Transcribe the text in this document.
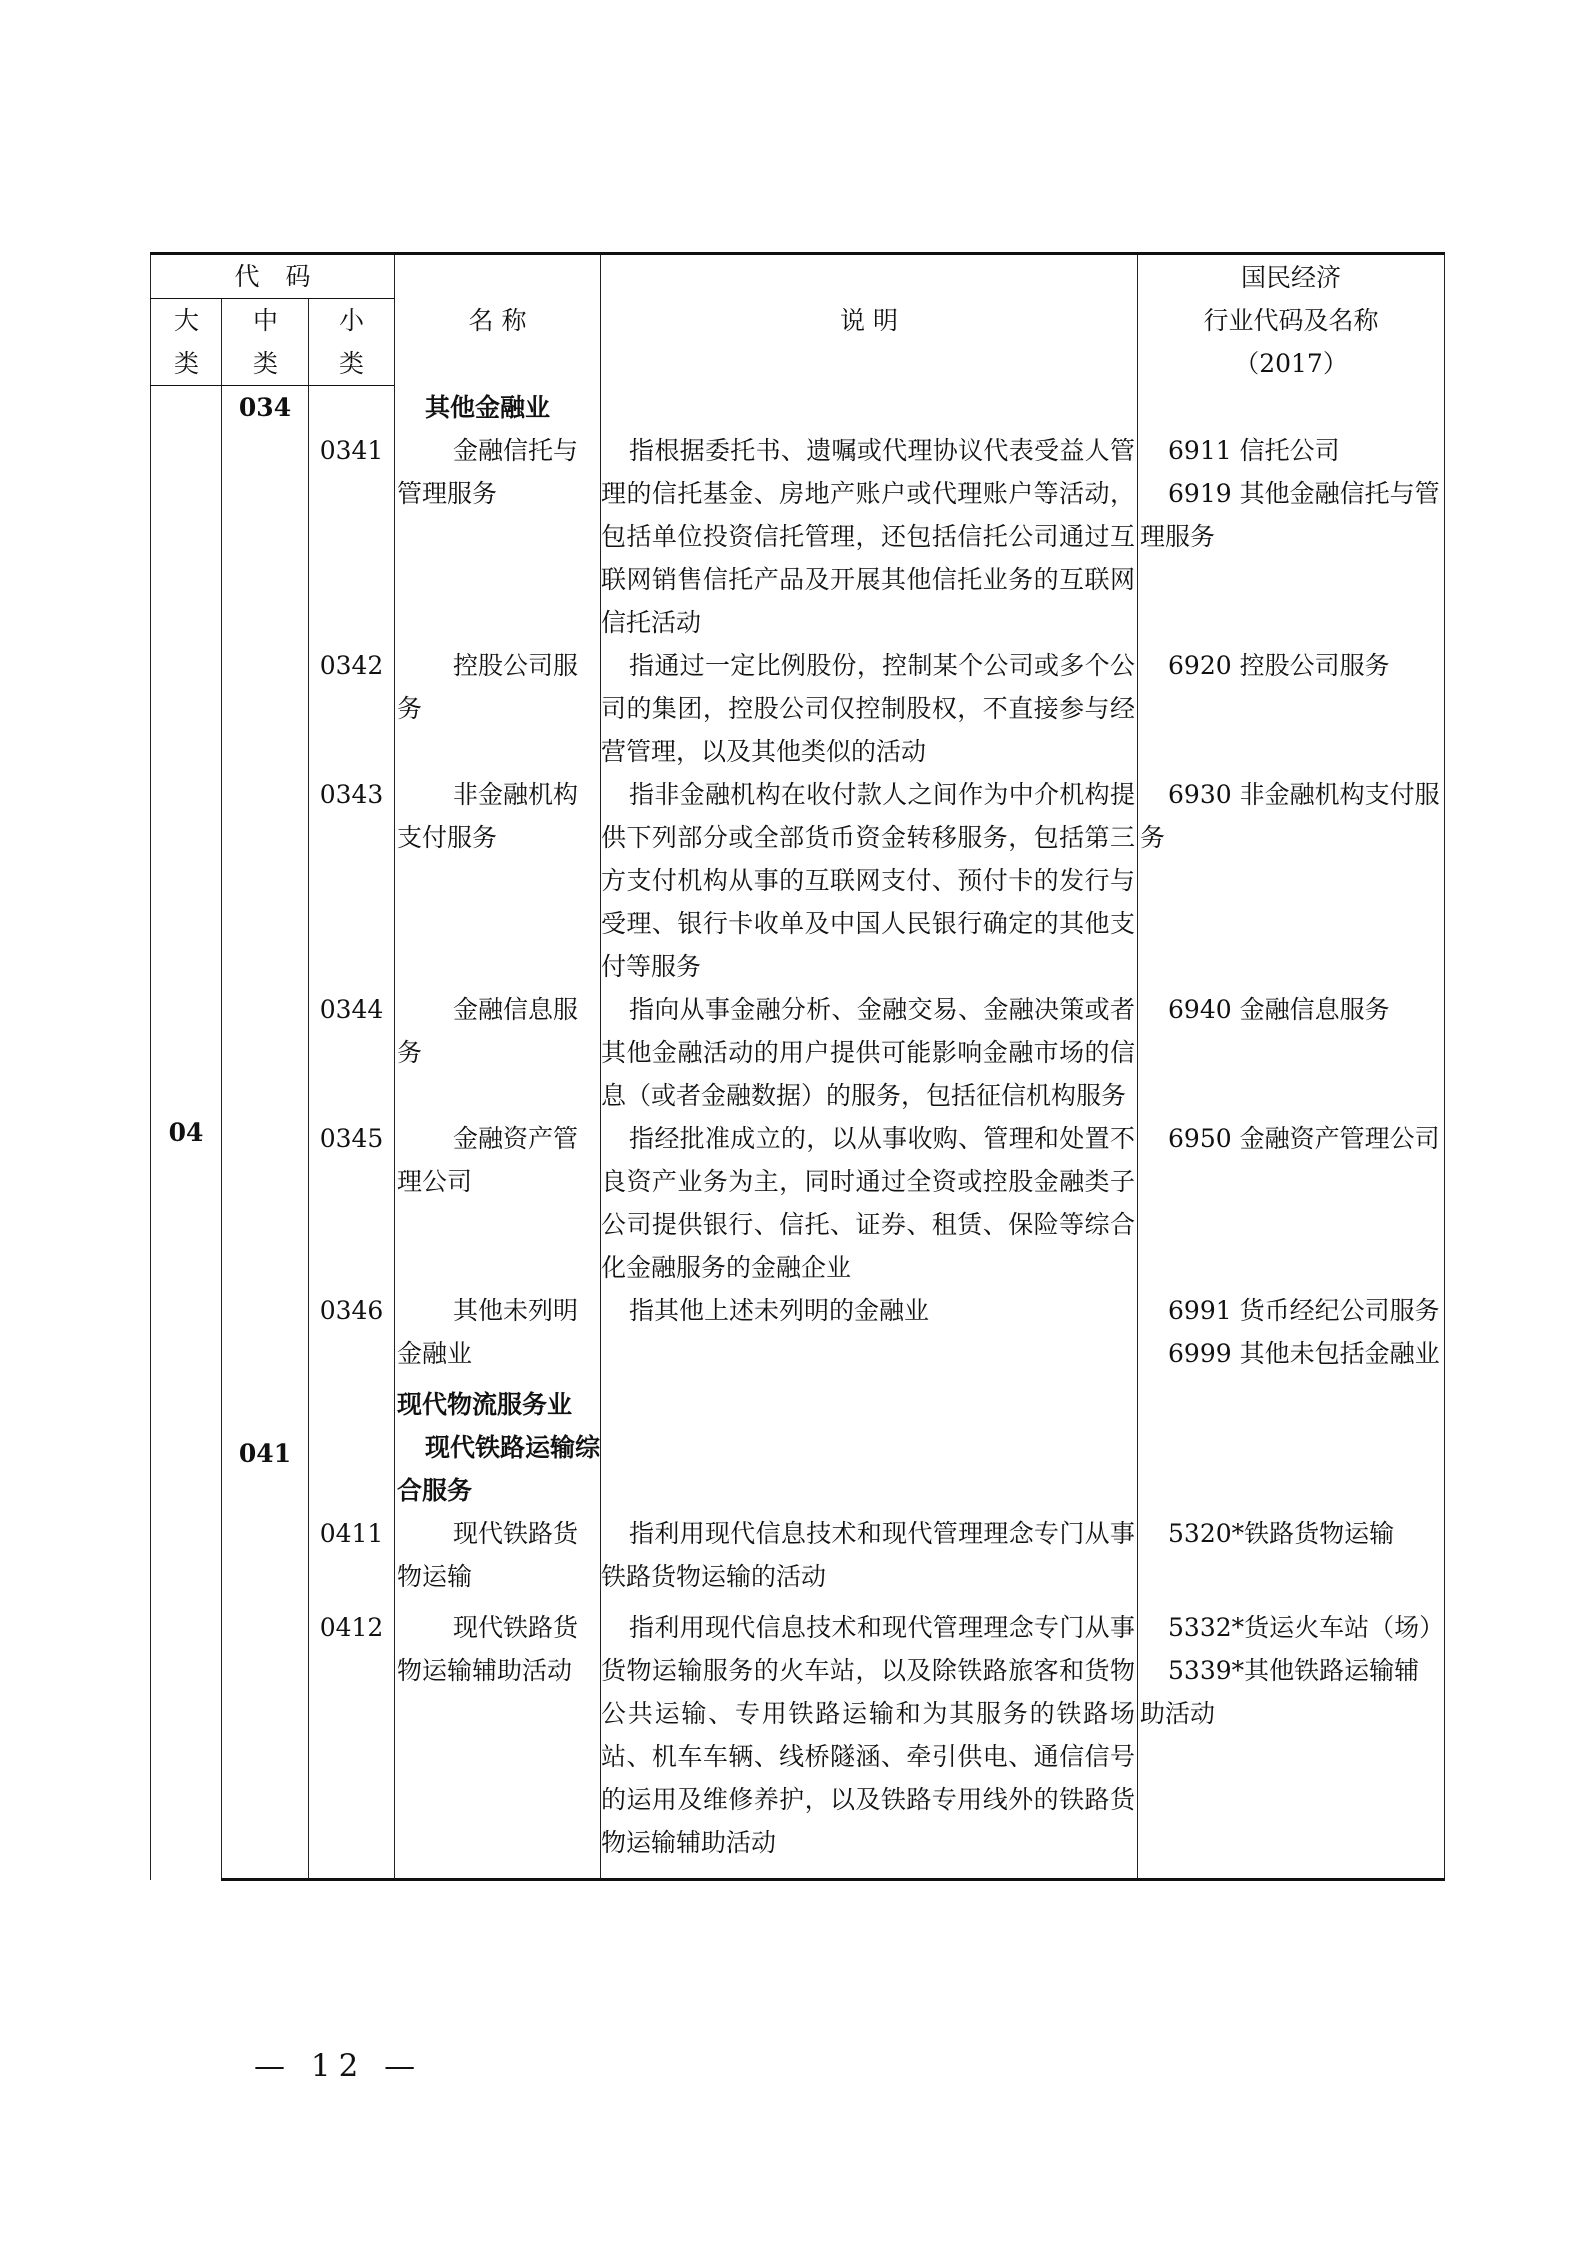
代码			名 称	说 明	国民经济
行业代码及名称
（2017）

大类	中类	小类			
04	034		其他金融业		

		0341	金融信托与管理服务	指根据委托书、遗嘱或代理协议代表受益人管理的信托基金、房地产账户或代理账户等活动，包括单位投资信托管理，还包括信托公司通过互联网销售信托产品及开展其他信托业务的互联网信托活动	6911 信托公司
6919 其他金融信托与管理服务

		0342	控股公司服务	指通过一定比例股份，控制某个公司或多个公司的集团，控股公司仅控制股权，不直接参与经营管理，以及其他类似的活动	6920 控股公司服务

		0343	非金融机构支付服务	指非金融机构在收付款人之间作为中介机构提供下列部分或全部货币资金转移服务，包括第三方支付机构从事的互联网支付、预付卡的发行与受理、银行卡收单及中国人民银行确定的其他支付等服务	6930 非金融机构支付服务

		0344	金融信息服务	指向从事金融分析、金融交易、金融决策或者其他金融活动的用户提供可能影响金融市场的信息（或者金融数据）的服务，包括征信机构服务	6940 金融信息服务

		0345	金融资产管理公司	指经批准成立的，以从事收购、管理和处置不良资产业务为主，同时通过全资或控股金融类子公司提供银行、信托、证券、租赁、保险等综合化金融服务的金融企业	6950 金融资产管理公司

		0346	其他未列明金融业	指其他上述未列明的金融业	6991 货币经纪公司服务
6999 其他未包括金融业

			现代物流服务业		
	041		现代铁路运输综合服务		

		0411	现代铁路货物运输	指利用现代信息技术和现代管理理念专门从事铁路货物运输的活动	5320*铁路货物运输

		0412	现代铁路货物运输辅助活动	指利用现代信息技术和现代管理理念专门从事货物运输服务的火车站，以及除铁路旅客和货物公共运输、专用铁路运输和为其服务的铁路场站、机车车辆、线桥隧涵、牵引供电、通信信号的运用及维修养护，以及铁路专用线外的铁路货物运输辅助活动	5332*货运火车站（场）
5339*其他铁路运输辅助活动

— 12 —
